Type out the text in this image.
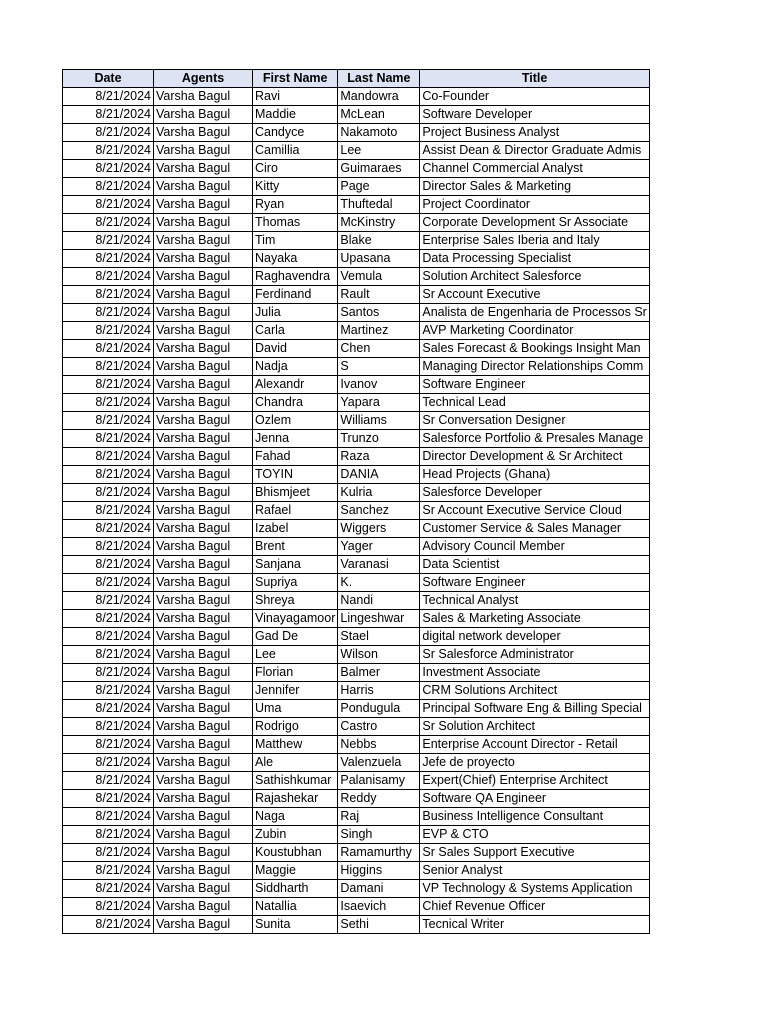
Date	Agents	First Name	Last Name	Title
8/21/2024	Varsha Bagul	Ravi	Mandowra	Co-Founder
8/21/2024	Varsha Bagul	Maddie	McLean	Software Developer
8/21/2024	Varsha Bagul	Candyce	Nakamoto	Project Business Analyst
8/21/2024	Varsha Bagul	Camillia	Lee	Assist Dean & Director Graduate Admis
8/21/2024	Varsha Bagul	Ciro	Guimaraes	Channel Commercial Analyst
8/21/2024	Varsha Bagul	Kitty	Page	Director Sales & Marketing
8/21/2024	Varsha Bagul	Ryan	Thuftedal	Project Coordinator
8/21/2024	Varsha Bagul	Thomas	McKinstry	Corporate Development Sr Associate
8/21/2024	Varsha Bagul	Tim	Blake	Enterprise Sales Iberia and Italy
8/21/2024	Varsha Bagul	Nayaka	Upasana	Data Processing Specialist
8/21/2024	Varsha Bagul	Raghavendra	Vemula	Solution Architect Salesforce
8/21/2024	Varsha Bagul	Ferdinand	Rault	Sr Account Executive
8/21/2024	Varsha Bagul	Julia	Santos	Analista de Engenharia de Processos Sr
8/21/2024	Varsha Bagul	Carla	Martinez	AVP Marketing Coordinator
8/21/2024	Varsha Bagul	David	Chen	Sales Forecast & Bookings Insight Man
8/21/2024	Varsha Bagul	Nadja	S	Managing Director Relationships Comm
8/21/2024	Varsha Bagul	Alexandr	Ivanov	Software Engineer
8/21/2024	Varsha Bagul	Chandra	Yapara	Technical Lead
8/21/2024	Varsha Bagul	Ozlem	Williams	Sr Conversation Designer
8/21/2024	Varsha Bagul	Jenna	Trunzo	Salesforce Portfolio & Presales Manage
8/21/2024	Varsha Bagul	Fahad	Raza	Director Development & Sr Architect
8/21/2024	Varsha Bagul	TOYIN	DANIA	Head Projects (Ghana)
8/21/2024	Varsha Bagul	Bhismjeet	Kulria	Salesforce Developer
8/21/2024	Varsha Bagul	Rafael	Sanchez	Sr Account Executive Service Cloud
8/21/2024	Varsha Bagul	Izabel	Wiggers	Customer Service & Sales Manager
8/21/2024	Varsha Bagul	Brent	Yager	Advisory Council Member
8/21/2024	Varsha Bagul	Sanjana	Varanasi	Data Scientist
8/21/2024	Varsha Bagul	Supriya	K.	Software Engineer
8/21/2024	Varsha Bagul	Shreya	Nandi	Technical Analyst
8/21/2024	Varsha Bagul	Vinayagamoor	Lingeshwar	Sales & Marketing Associate
8/21/2024	Varsha Bagul	Gad De	Stael	digital network developer
8/21/2024	Varsha Bagul	Lee	Wilson	Sr Salesforce Administrator
8/21/2024	Varsha Bagul	Florian	Balmer	Investment Associate
8/21/2024	Varsha Bagul	Jennifer	Harris	CRM Solutions Architect
8/21/2024	Varsha Bagul	Uma	Pondugula	Principal Software Eng & Billing Special
8/21/2024	Varsha Bagul	Rodrigo	Castro	Sr Solution Architect
8/21/2024	Varsha Bagul	Matthew	Nebbs	Enterprise Account Director - Retail
8/21/2024	Varsha Bagul	Ale	Valenzuela	Jefe de proyecto
8/21/2024	Varsha Bagul	Sathishkumar	Palanisamy	Expert(Chief) Enterprise Architect
8/21/2024	Varsha Bagul	Rajashekar	Reddy	Software QA Engineer
8/21/2024	Varsha Bagul	Naga	Raj	Business Intelligence Consultant
8/21/2024	Varsha Bagul	Zubin	Singh	EVP & CTO
8/21/2024	Varsha Bagul	Koustubhan	Ramamurthy	Sr Sales Support Executive
8/21/2024	Varsha Bagul	Maggie	Higgins	Senior Analyst
8/21/2024	Varsha Bagul	Siddharth	Damani	VP Technology & Systems Application
8/21/2024	Varsha Bagul	Natallia	Isaevich	Chief Revenue Officer
8/21/2024	Varsha Bagul	Sunita	Sethi	Tecnical Writer
